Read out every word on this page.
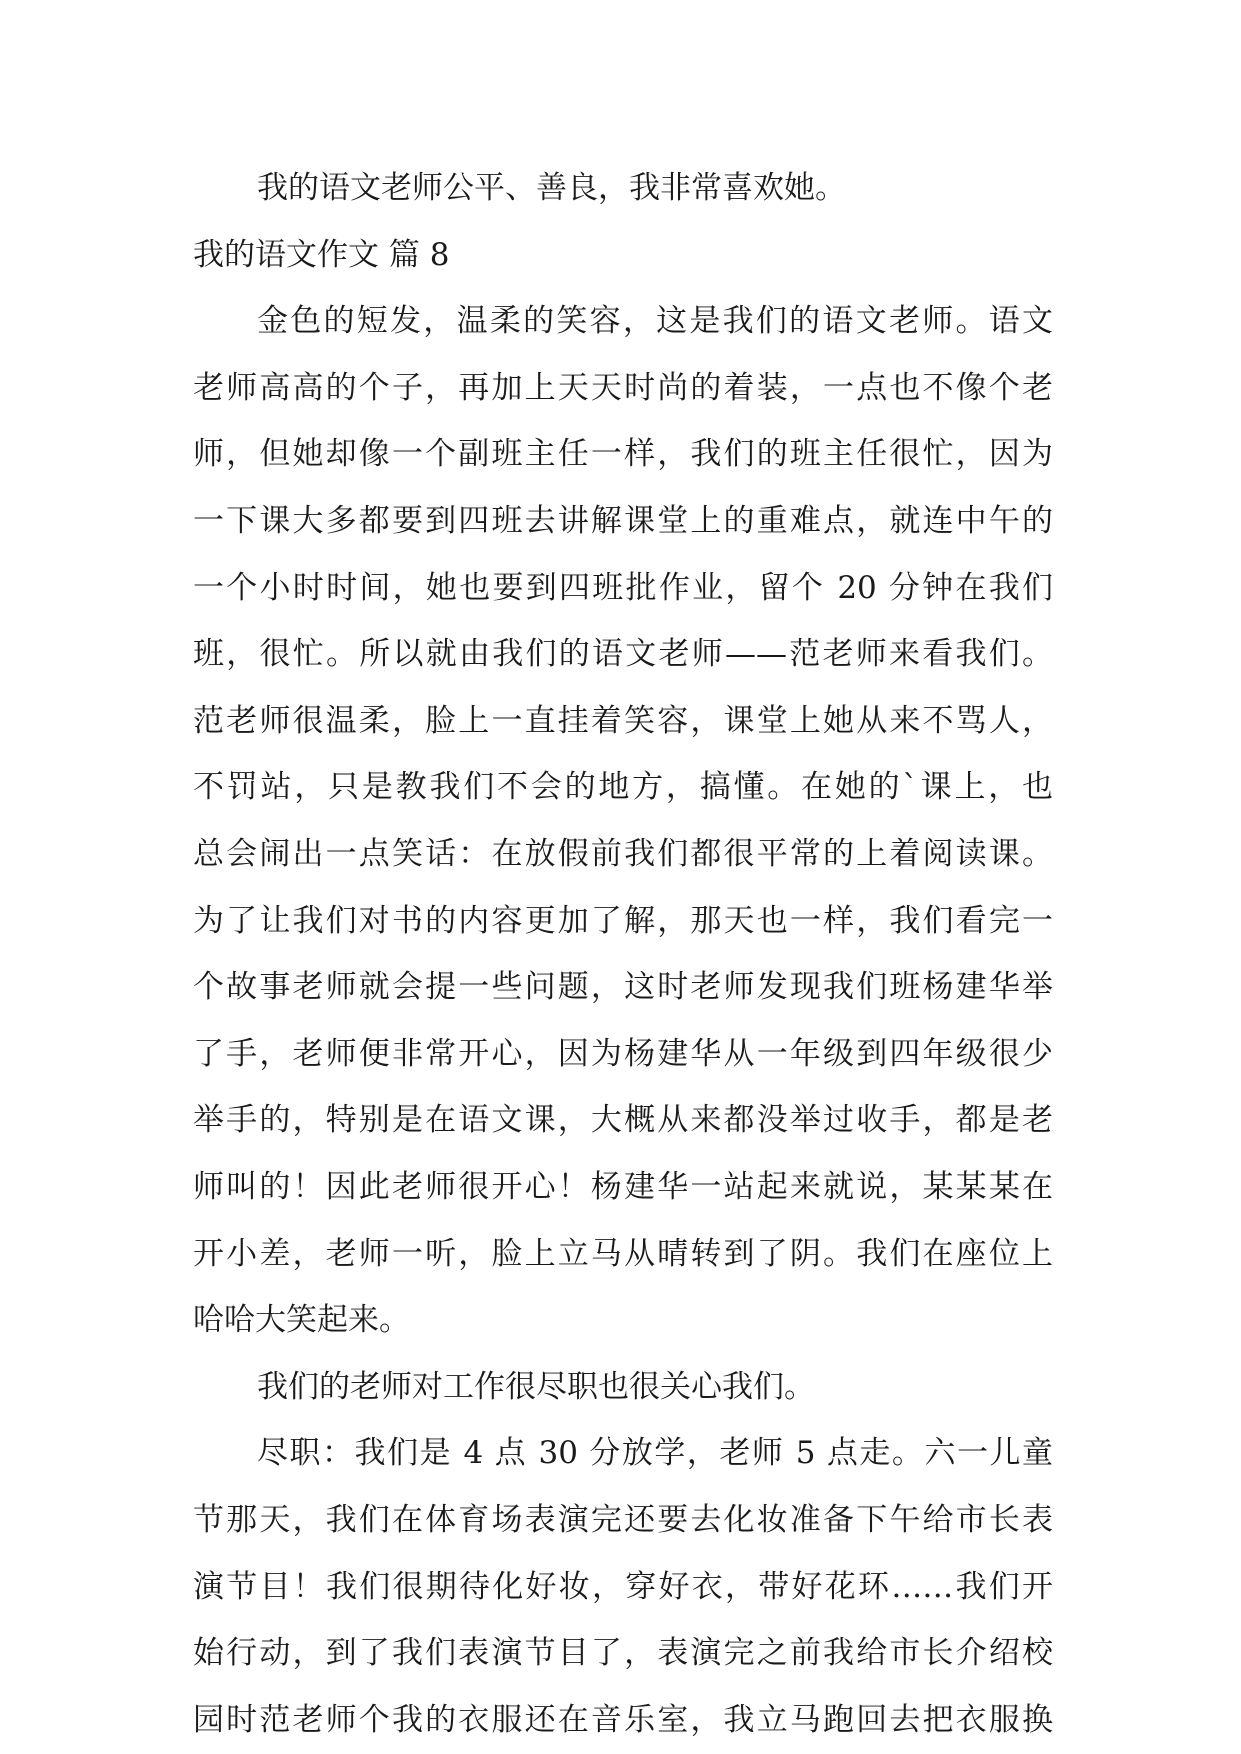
我的语文老师公平、善良，我非常喜欢她。
我的语文作文 篇 8
金色的短发，温柔的笑容，这是我们的语文老师。语文
老师高高的个子，再加上天天时尚的着装，一点也不像个老
师，但她却像一个副班主任一样，我们的班主任很忙，因为
一下课大多都要到四班去讲解课堂上的重难点，就连中午的
一个小时时间，她也要到四班批作业，留个 20 分钟在我们
班，很忙。所以就由我们的语文老师——范老师来看我们。
范老师很温柔，脸上一直挂着笑容，课堂上她从来不骂人，
不罚站，只是教我们不会的地方，搞懂。在她的`课上，也
总会闹出一点笑话：在放假前我们都很平常的上着阅读课。
为了让我们对书的内容更加了解，那天也一样，我们看完一
个故事老师就会提一些问题，这时老师发现我们班杨建华举
了手，老师便非常开心，因为杨建华从一年级到四年级很少
举手的，特别是在语文课，大概从来都没举过收手，都是老
师叫的！因此老师很开心！杨建华一站起来就说，某某某在
开小差，老师一听，脸上立马从晴转到了阴。我们在座位上
哈哈大笑起来。
我们的老师对工作很尽职也很关心我们。
尽职：我们是 4 点 30 分放学，老师 5 点走。六一儿童
节那天，我们在体育场表演完还要去化妆准备下午给市长表
演节目！我们很期待化好妆，穿好衣，带好花环……我们开
始行动，到了我们表演节目了，表演完之前我给市长介绍校
园时范老师个我的衣服还在音乐室，我立马跑回去把衣服换
